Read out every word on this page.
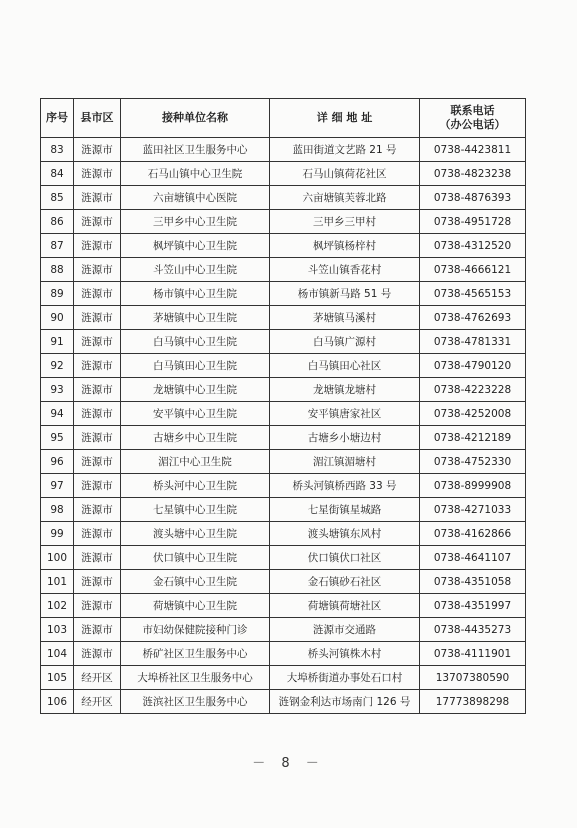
序号	县市区	接种单位名称	详 细 地 址	联系电话
（办公电话）

83	涟源市	蓝田社区卫生服务中心	蓝田街道文艺路 21 号	0738-4423811
84	涟源市	石马山镇中心卫生院	石马山镇荷花社区	0738-4823238
85	涟源市	六亩塘镇中心医院	六亩塘镇芙蓉北路	0738-4876393
86	涟源市	三甲乡中心卫生院	三甲乡三甲村	0738-4951728
87	涟源市	枫坪镇中心卫生院	枫坪镇杨梓村	0738-4312520
88	涟源市	斗笠山中心卫生院	斗笠山镇香花村	0738-4666121
89	涟源市	杨市镇中心卫生院	杨市镇新马路 51 号	0738-4565153
90	涟源市	茅塘镇中心卫生院	茅塘镇马溪村	0738-4762693
91	涟源市	白马镇中心卫生院	白马镇广源村	0738-4781331
92	涟源市	白马镇田心卫生院	白马镇田心社区	0738-4790120
93	涟源市	龙塘镇中心卫生院	龙塘镇龙塘村	0738-4223228
94	涟源市	安平镇中心卫生院	安平镇唐家社区	0738-4252008
95	涟源市	古塘乡中心卫生院	古塘乡小塘边村	0738-4212189
96	涟源市	湄江中心卫生院	湄江镇湄塘村	0738-4752330
97	涟源市	桥头河中心卫生院	桥头河镇桥西路 33 号	0738-8999908
98	涟源市	七星镇中心卫生院	七星街镇星城路	0738-4271033
99	涟源市	渡头塘中心卫生院	渡头塘镇东风村	0738-4162866
100	涟源市	伏口镇中心卫生院	伏口镇伏口社区	0738-4641107
101	涟源市	金石镇中心卫生院	金石镇砂石社区	0738-4351058
102	涟源市	荷塘镇中心卫生院	荷塘镇荷塘社区	0738-4351997
103	涟源市	市妇幼保健院接种门诊	涟源市交通路	0738-4435273
104	涟源市	桥矿社区卫生服务中心	桥头河镇株木村	0738-4111901
105	经开区	大埠桥社区卫生服务中心	大埠桥街道办事处石口村	13707380590
106	经开区	涟滨社区卫生服务中心	涟钢金利达市场南门 126 号	17773898298
－ 8 －
